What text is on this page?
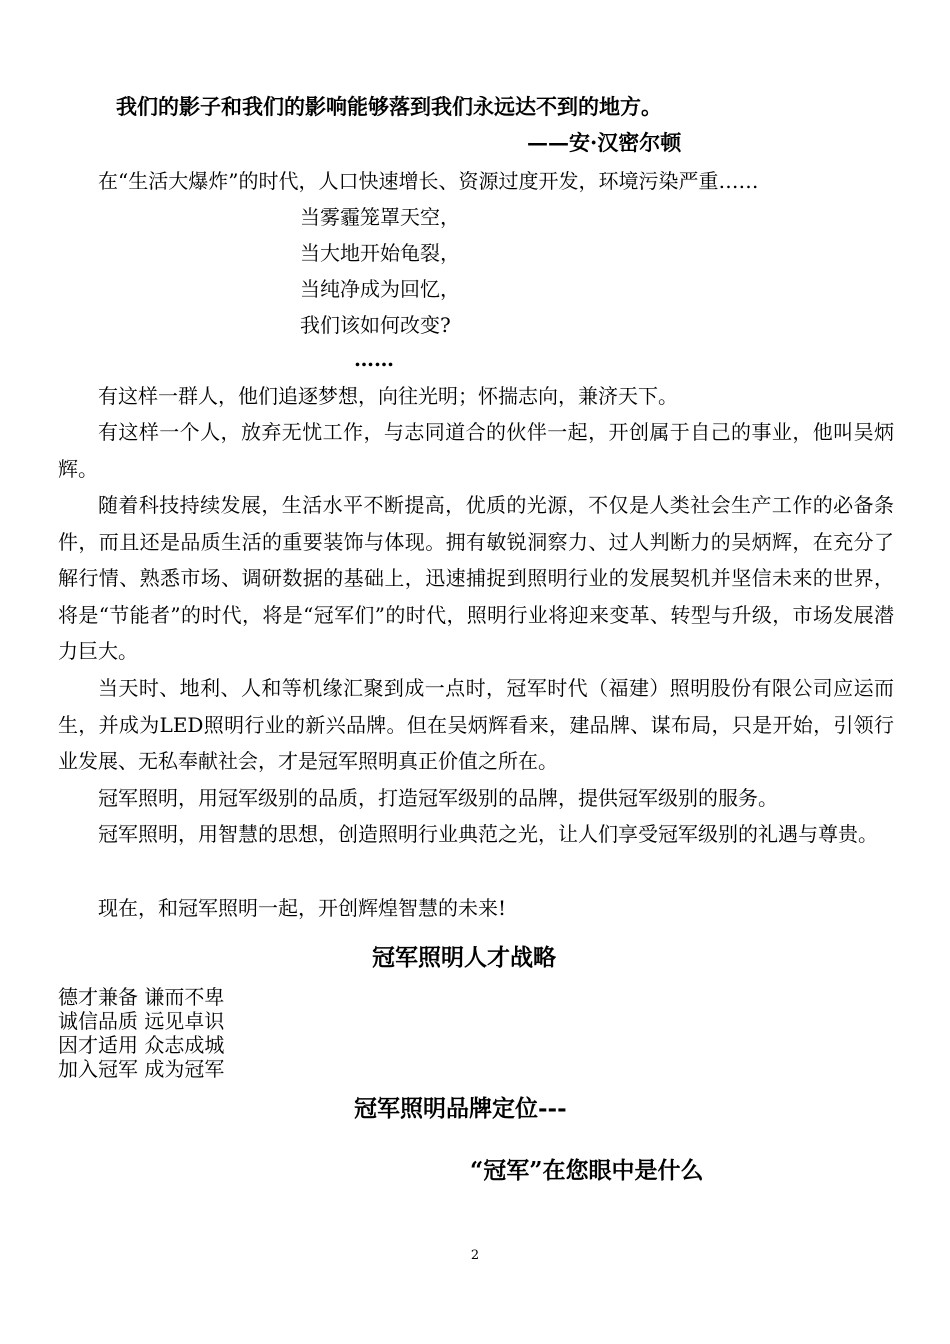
我们的影子和我们的影响能够落到我们永远达不到的地方。
——安·汉密尔顿
在“生活大爆炸”的时代，人口快速增长、资源过度开发，环境污染严重……
当雾霾笼罩天空，
当大地开始龟裂，
当纯净成为回忆，
我们该如何改变?
……

有这样一群人，他们追逐梦想，向往光明；怀揣志向，兼济天下。

有这样一个人，放弃无忧工作，与志同道合的伙伴一起，开创属于自己的事业，他叫吴炳辉。

随着科技持续发展，生活水平不断提高，优质的光源，不仅是人类社会生产工作的必备条件，而且还是品质生活的重要装饰与体现。拥有敏锐洞察力、过人判断力的吴炳辉，在充分了解行情、熟悉市场、调研数据的基础上，迅速捕捉到照明行业的发展契机并坚信未来的世界，将是“节能者”的时代，将是“冠军们”的时代，照明行业将迎来变革、转型与升级，市场发展潜力巨大。

当天时、地利、人和等机缘汇聚到成一点时，冠军时代（福建）照明股份有限公司应运而生，并成为LED照明行业的新兴品牌。但在吴炳辉看来，建品牌、谋布局，只是开始，引领行业发展、无私奉献社会，才是冠军照明真正价值之所在。

冠军照明，用冠军级别的品质，打造冠军级别的品牌，提供冠军级别的服务。

冠军照明，用智慧的思想，创造照明行业典范之光，让人们享受冠军级别的礼遇与尊贵。

现在，和冠军照明一起，开创辉煌智慧的未来!

冠军照明人才战略
德才兼备 谦而不卑
诚信品质 远见卓识
因才适用 众志成城
加入冠军 成为冠军
冠军照明品牌定位---
“冠军”在您眼中是什么
2
